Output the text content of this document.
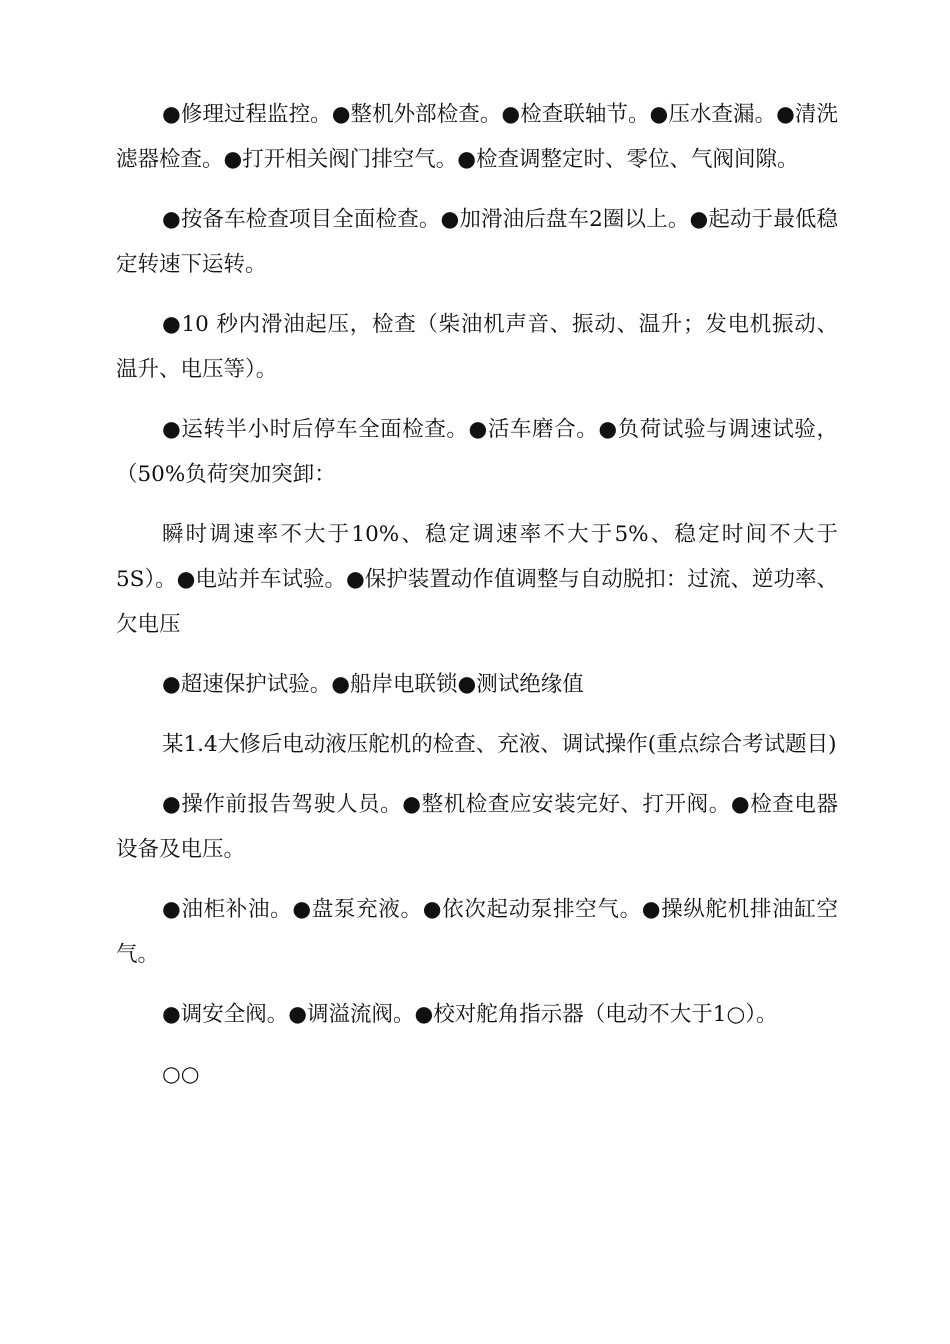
●修理过程监控。●整机外部检查。●检查联轴节。●压水查漏。●清洗滤器检查。●打开相关阀门排空气。●检查调整定时、零位、气阀间隙。

●按备车检查项目全面检查。●加滑油后盘车2圈以上。●起动于最低稳定转速下运转。

●10 秒内滑油起压，检查（柴油机声音、振动、温升；发电机振动、温升、电压等）。

●运转半小时后停车全面检查。●活车磨合。●负荷试验与调速试验，（50%负荷突加突卸：

瞬时调速率不大于10%、稳定调速率不大于5%、稳定时间不大于5S）。●电站并车试验。●保护装置动作值调整与自动脱扣：过流、逆功率、欠电压

●超速保护试验。●船岸电联锁●测试绝缘值

某1.4大修后电动液压舵机的检查、充液、调试操作(重点综合考试题目)

●操作前报告驾驶人员。●整机检查应安装完好、打开阀。●检查电器设备及电压。

●油柜补油。●盘泵充液。●依次起动泵排空气。●操纵舵机排油缸空气。

●调安全阀。●调溢流阀。●校对舵角指示器（电动不大于1○）。

○○
